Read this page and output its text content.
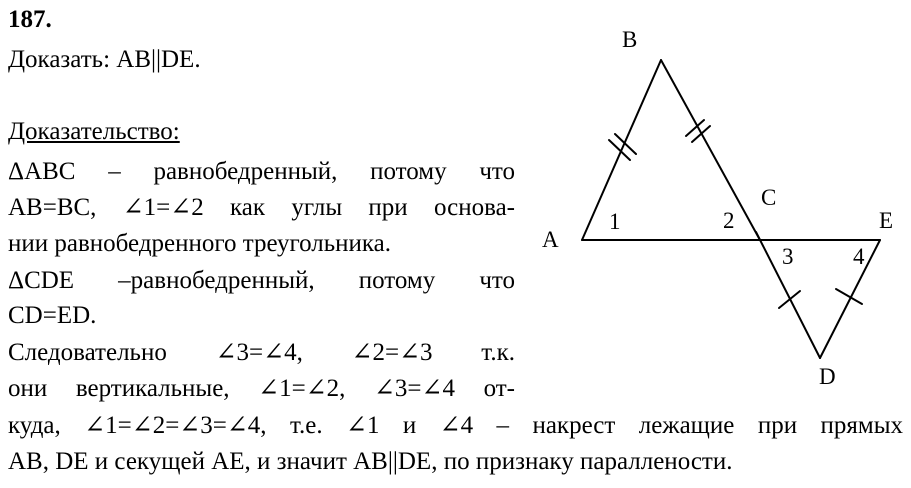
187.
Доказать: AB||DE.
Доказательство:
ΔABC – равнобедренный, потому что
AB=BC, ∠1=∠2 как углы при основа-
нии равнобедренного треугольника.
ΔCDE –равнобедренный, потому что
CD=ED.
Следовательно ∠3=∠4, ∠2=∠3 т.к.
они вертикальные, ∠1=∠2, ∠3=∠4 от-
куда, ∠1=∠2=∠3=∠4, т.е. ∠1 и ∠4 – накрест лежащие при прямых
AB, DE и секущей AE, и значит AB||DE, по признаку параллености.
B
A
C
E
D
1	2
3	4
